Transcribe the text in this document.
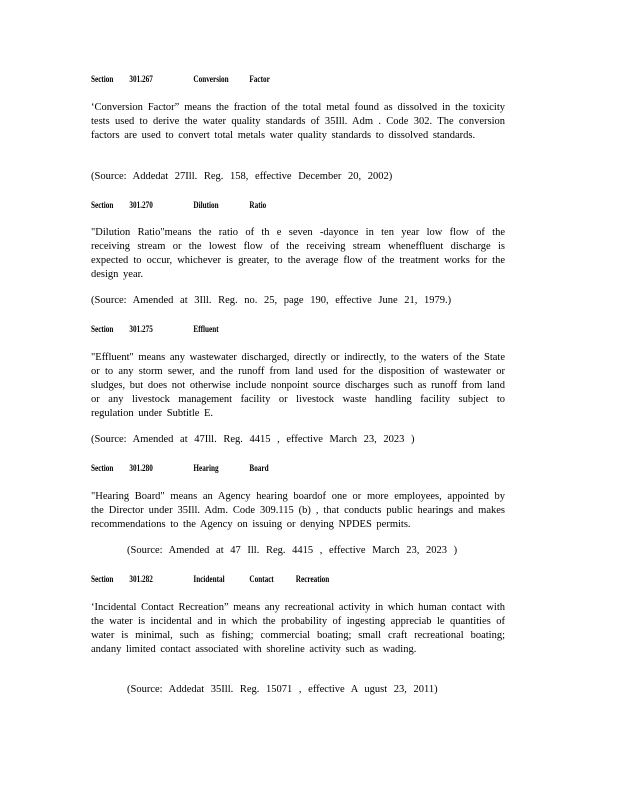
Section 301.267	Conversion Factor
‘Conversion Factor” means the fraction of the total metal found as dissolved in the toxicity tests used to derive the water quality standards of 35Ill. Adm . Code 302. The conversion factors are used to convert total metals water quality standards to dissolved standards.
(Source: Addedat 27Ill. Reg. 158, effective December 20, 2002)
Section 301.270	Dilution	Ratio
"Dilution Ratio"means the ratio of th e seven -dayonce in ten year low flow of the receiving stream or the lowest flow of the receiving stream wheneffluent discharge is expected to occur, whichever is greater, to the average flow of the treatment works for the design year.
(Source: Amended at 3Ill. Reg. no. 25, page 190, effective June 21, 1979.)
Section 301.275	Effluent
"Effluent" means any wastewater discharged, directly or indirectly, to the waters of the State or to any storm sewer, and the runoff from land used for the disposition of wastewater or sludges, but does not otherwise include nonpoint source discharges such as runoff from land or any livestock management facility or livestock waste handling facility subject to regulation under Subtitle E.
(Source: Amended at 47Ill. Reg. 4415 , effective March 23, 2023 )
Section 301.280	Hearing	Board
"Hearing Board" means an Agency hearing boardof one or more employees, appointed by the Director under 35Ill. Adm. Code 309.115 (b) , that conducts public hearings and makes recommendations to the Agency on issuing or denying NPDES permits.
(Source: Amended at 47 Ill. Reg. 4415 , effective March 23, 2023 )
Section 301.282	Incidental	Contact Recreation
‘Incidental Contact Recreation” means any recreational activity in which human contact with the water is incidental and in which the probability of ingesting appreciab le quantities of water is minimal, such as fishing; commercial boating; small craft recreational boating; andany limited contact associated with shoreline activity such as wading.
(Source: Addedat 35Ill. Reg. 15071 , effective A ugust 23, 2011)
